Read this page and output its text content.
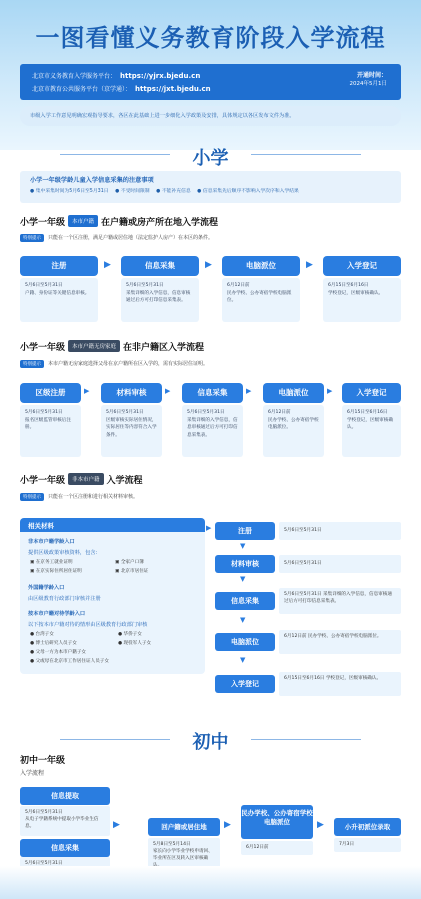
一图看懂义务教育阶段入学流程
北京市义务教育入学服务平台： https://yjrx.bjedu.cn
北京市教育公共服务平台（京学通）： https://jxt.bjedu.cn
开通时间：
2024年5月1日
市级入学工作意见明确宏观指导要求，各区在此基础上进一步细化入学政策及安排，具体规定以各区发布文件为准。
小学
小学一年级学龄儿童入学信息采集的注意事项
● 集中采集时间为5月6日至5月31日 ● 不受时间限制 ● 不能补充信息 ● 信息采集先后顺序不影响入学次序和入学结果
小学一年级 本市户籍 在户籍或房产所在地入学流程
特别提示 只能在一个区注册，满足户籍或居住地（法定监护人房产）在本区的条件。
注册
5月6日至5月31日
户籍、身份证等关键信息审核。
▶	信息采集
5月6日至5月31日
采集详细的入学信息，信息审核通过后方可打印信息采集表。
▶	电脑派位
6月12日前
民办学校、公办寄宿学校电脑派位。
▶	入学登记
6月15日至6月16日
学校登记，区级审核确认。
小学一年级 本市户籍无房家庭 在非户籍区入学流程
特别提示 本市户籍无房家庭选择父母在京户籍所在区入学的，需有实际居住证明。
区级注册
5月6日至5月31日
报名区级监管审核后注册。
▶	材料审核
5月6日至5月31日
区级审核实际居住情况，实际居住等内容符合入学条件。
▶	信息采集
5月6日至5月31日
采集详细的入学信息，信息审核通过后方可打印信息采集表。
▶	电脑派位
6月12日前
民办学校、公办寄宿学校电脑派位。
▶	入学登记
6月15日至6月16日
学校登记，区级审核确认。
小学一年级 非本市户籍 入学流程
特别提示 只能在一个区注册和进行相关材料审核。
相关材料
非本市户籍学龄入口
提供区级政策审核资料，包含：
▣ 在京务工就业证明	▣ 全家户口簿
▣ 在京实际住所居住证明	▣ 北京市居住证
外国籍学龄入口
由区级教育行政部门审核并注册
按本市户籍对待学龄入口
以下按本市户籍对待的情形由区级教育行政部门审核
● 台湾子女	● 华侨子女
● 博士后研究人员子女	● 现役军人子女
● 父母一方为本市户籍子女
● 父或母在北京市工作居住证人员子女
▶	注册	5月6日至5月31日
▼
材料审核	5月6日至5月31日
▼
信息采集
5月6日至5月31日 采集详细的入学信息，信息审核通过后方可打印信息采集表。
▼
电脑派位
6月12日前 民办学校、公办寄宿学校电脑派位。
▼
入学登记
6月15日至6月16日 学校登记，区级审核确认。
初中
初中一年级
入学流程
信息提取
5月6日至5月31日
从电子学籍系统中提取小学毕业生信息。
信息采集
5月6日至5月31日
▶	回户籍或居住地
5月8日至5月14日
家长向小学毕业学校申请回、毕业所在区及转入区审核确
▶
民办学校、公办寄宿学校电脑派位
6月12日前
▶	小升初派位录取
7月3日
